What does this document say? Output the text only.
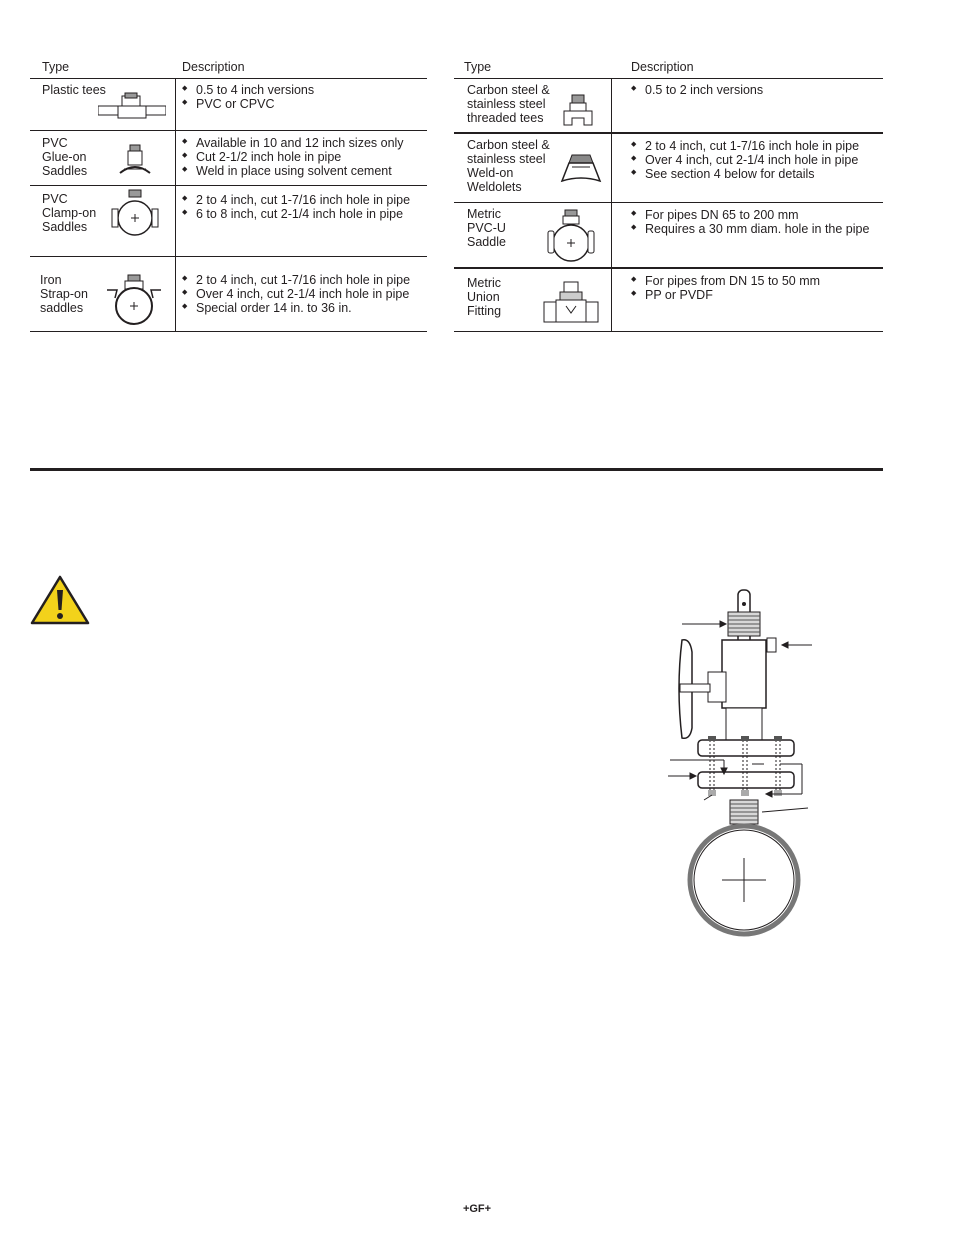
Type	Description
Plastic tees
◆	0.5 to 4 inch versions
◆ PVC or CPVC
PVC
Glue-on
Saddles
◆ Available in 10 and 12 inch sizes only
◆ Cut 2-1/2 inch hole in pipe
◆ Weld in place using solvent cement
PVC
Clamp-on
Saddles
◆ 2 to 4 inch, cut 1-7/16 inch hole in pipe
◆ 6 to 8 inch, cut 2-1/4 inch hole in pipe
Iron
Strap-on
saddles
◆ 2 to 4 inch, cut 1-7/16 inch hole in pipe
◆ Over 4 inch, cut 2-1/4 inch hole in pipe
◆ Special order 14 in. to 36 in.
Type	Description
Carbon steel &
stainless steel
threaded tees
◆ 0.5 to 2 inch versions
Carbon steel &
stainless steel
Weld-on
Weldolets
◆ 2 to 4 inch, cut 1-7/16 inch hole in pipe
◆ Over 4 inch, cut 2-1/4 inch hole in pipe
◆ See section 4 below for details
Metric
PVC-U
Saddle
◆ For pipes DN 65 to 200 mm
◆ Requires a 30 mm diam. hole in the pipe
Metric
Union
Fitting
◆ For pipes from DN 15 to 50 mm
◆ PP or PVDF
+GF+
